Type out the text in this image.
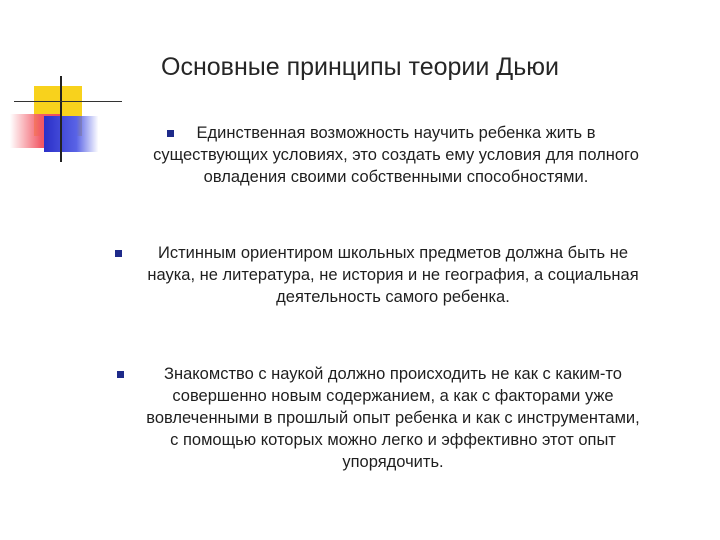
Основные принципы теории Дьюи
Единственная возможность научить ребенка жить в
существующих условиях, это создать ему условия для полного
овладения своими собственными способностями.
Истинным ориентиром школьных предметов должна быть не
наука, не литература, не история и не география, а социальная
деятельность самого ребенка.
Знакомство с наукой должно происходить не как с каким-то
совершенно новым содержанием, а как с факторами уже
вовлеченными в прошлый опыт ребенка и как с инструментами,
с помощью которых можно легко и эффективно этот опыт
упорядочить.
